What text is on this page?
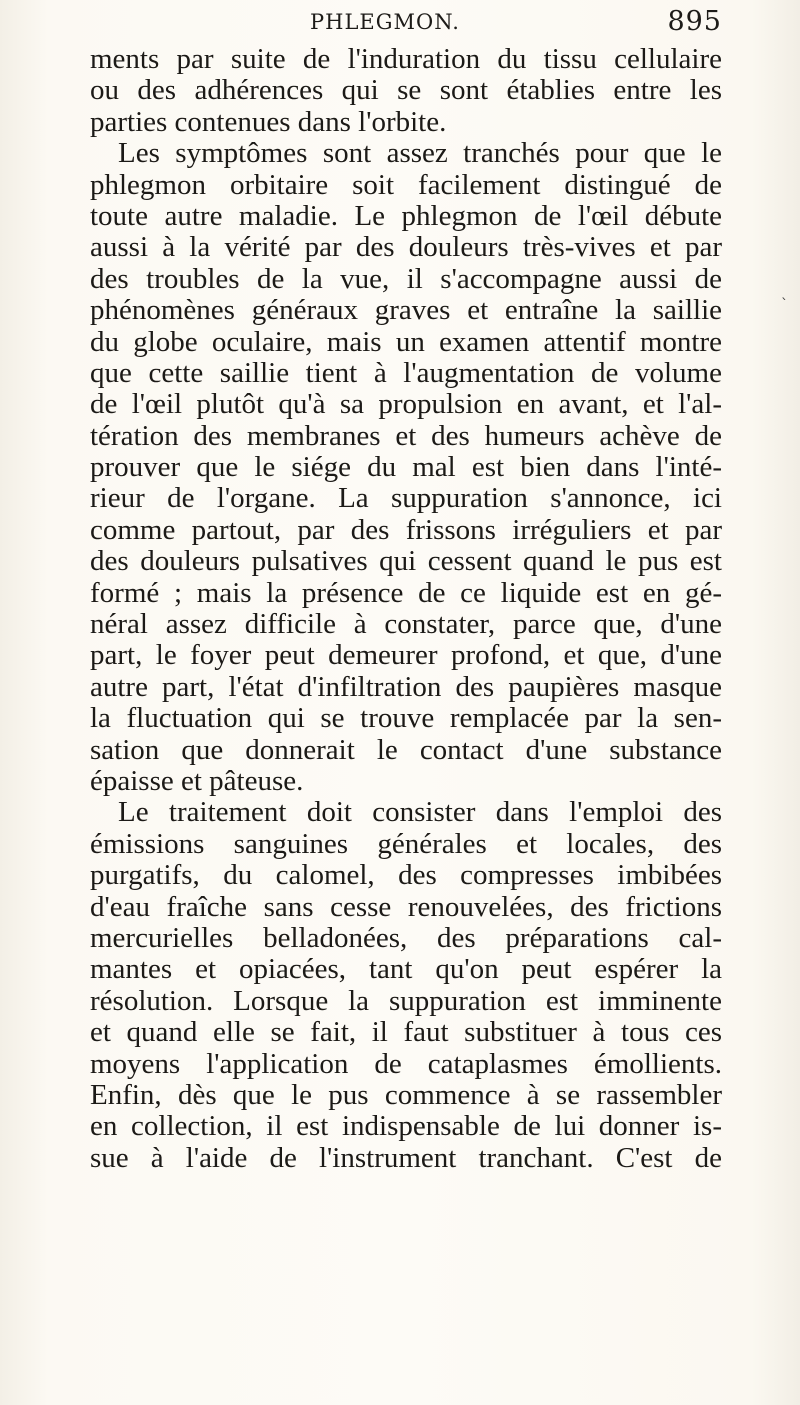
PHLEGMON.	895
ments par suite de l'induration du tissu cellulaire
ou des adhérences qui se sont établies entre les
parties contenues dans l'orbite.
Les symptômes sont assez tranchés pour que le
phlegmon orbitaire soit facilement distingué de
toute autre maladie. Le phlegmon de l'œil débute
aussi à la vérité par des douleurs très-vives et par
des troubles de la vue, il s'accompagne aussi de
phénomènes généraux graves et entraîne la saillie
du globe oculaire, mais un examen attentif montre
que cette saillie tient à l'augmentation de volume
de l'œil plutôt qu'à sa propulsion en avant, et l'al-
tération des membranes et des humeurs achève de
prouver que le siége du mal est bien dans l'inté-
rieur de l'organe. La suppuration s'annonce, ici
comme partout, par des frissons irréguliers et par
des douleurs pulsatives qui cessent quand le pus est
formé ; mais la présence de ce liquide est en gé-
néral assez difficile à constater, parce que, d'une
part, le foyer peut demeurer profond, et que, d'une
autre part, l'état d'infiltration des paupières masque
la fluctuation qui se trouve remplacée par la sen-
sation que donnerait le contact d'une substance
épaisse et pâteuse.
Le traitement doit consister dans l'emploi des
émissions sanguines générales et locales, des
purgatifs, du calomel, des compresses imbibées
d'eau fraîche sans cesse renouvelées, des frictions
mercurielles belladonées, des préparations cal-
mantes et opiacées, tant qu'on peut espérer la
résolution. Lorsque la suppuration est imminente
et quand elle se fait, il faut substituer à tous ces
moyens l'application de cataplasmes émollients.
Enfin, dès que le pus commence à se rassembler
en collection, il est indispensable de lui donner is-
sue à l'aide de l'instrument tranchant. C'est de
`
